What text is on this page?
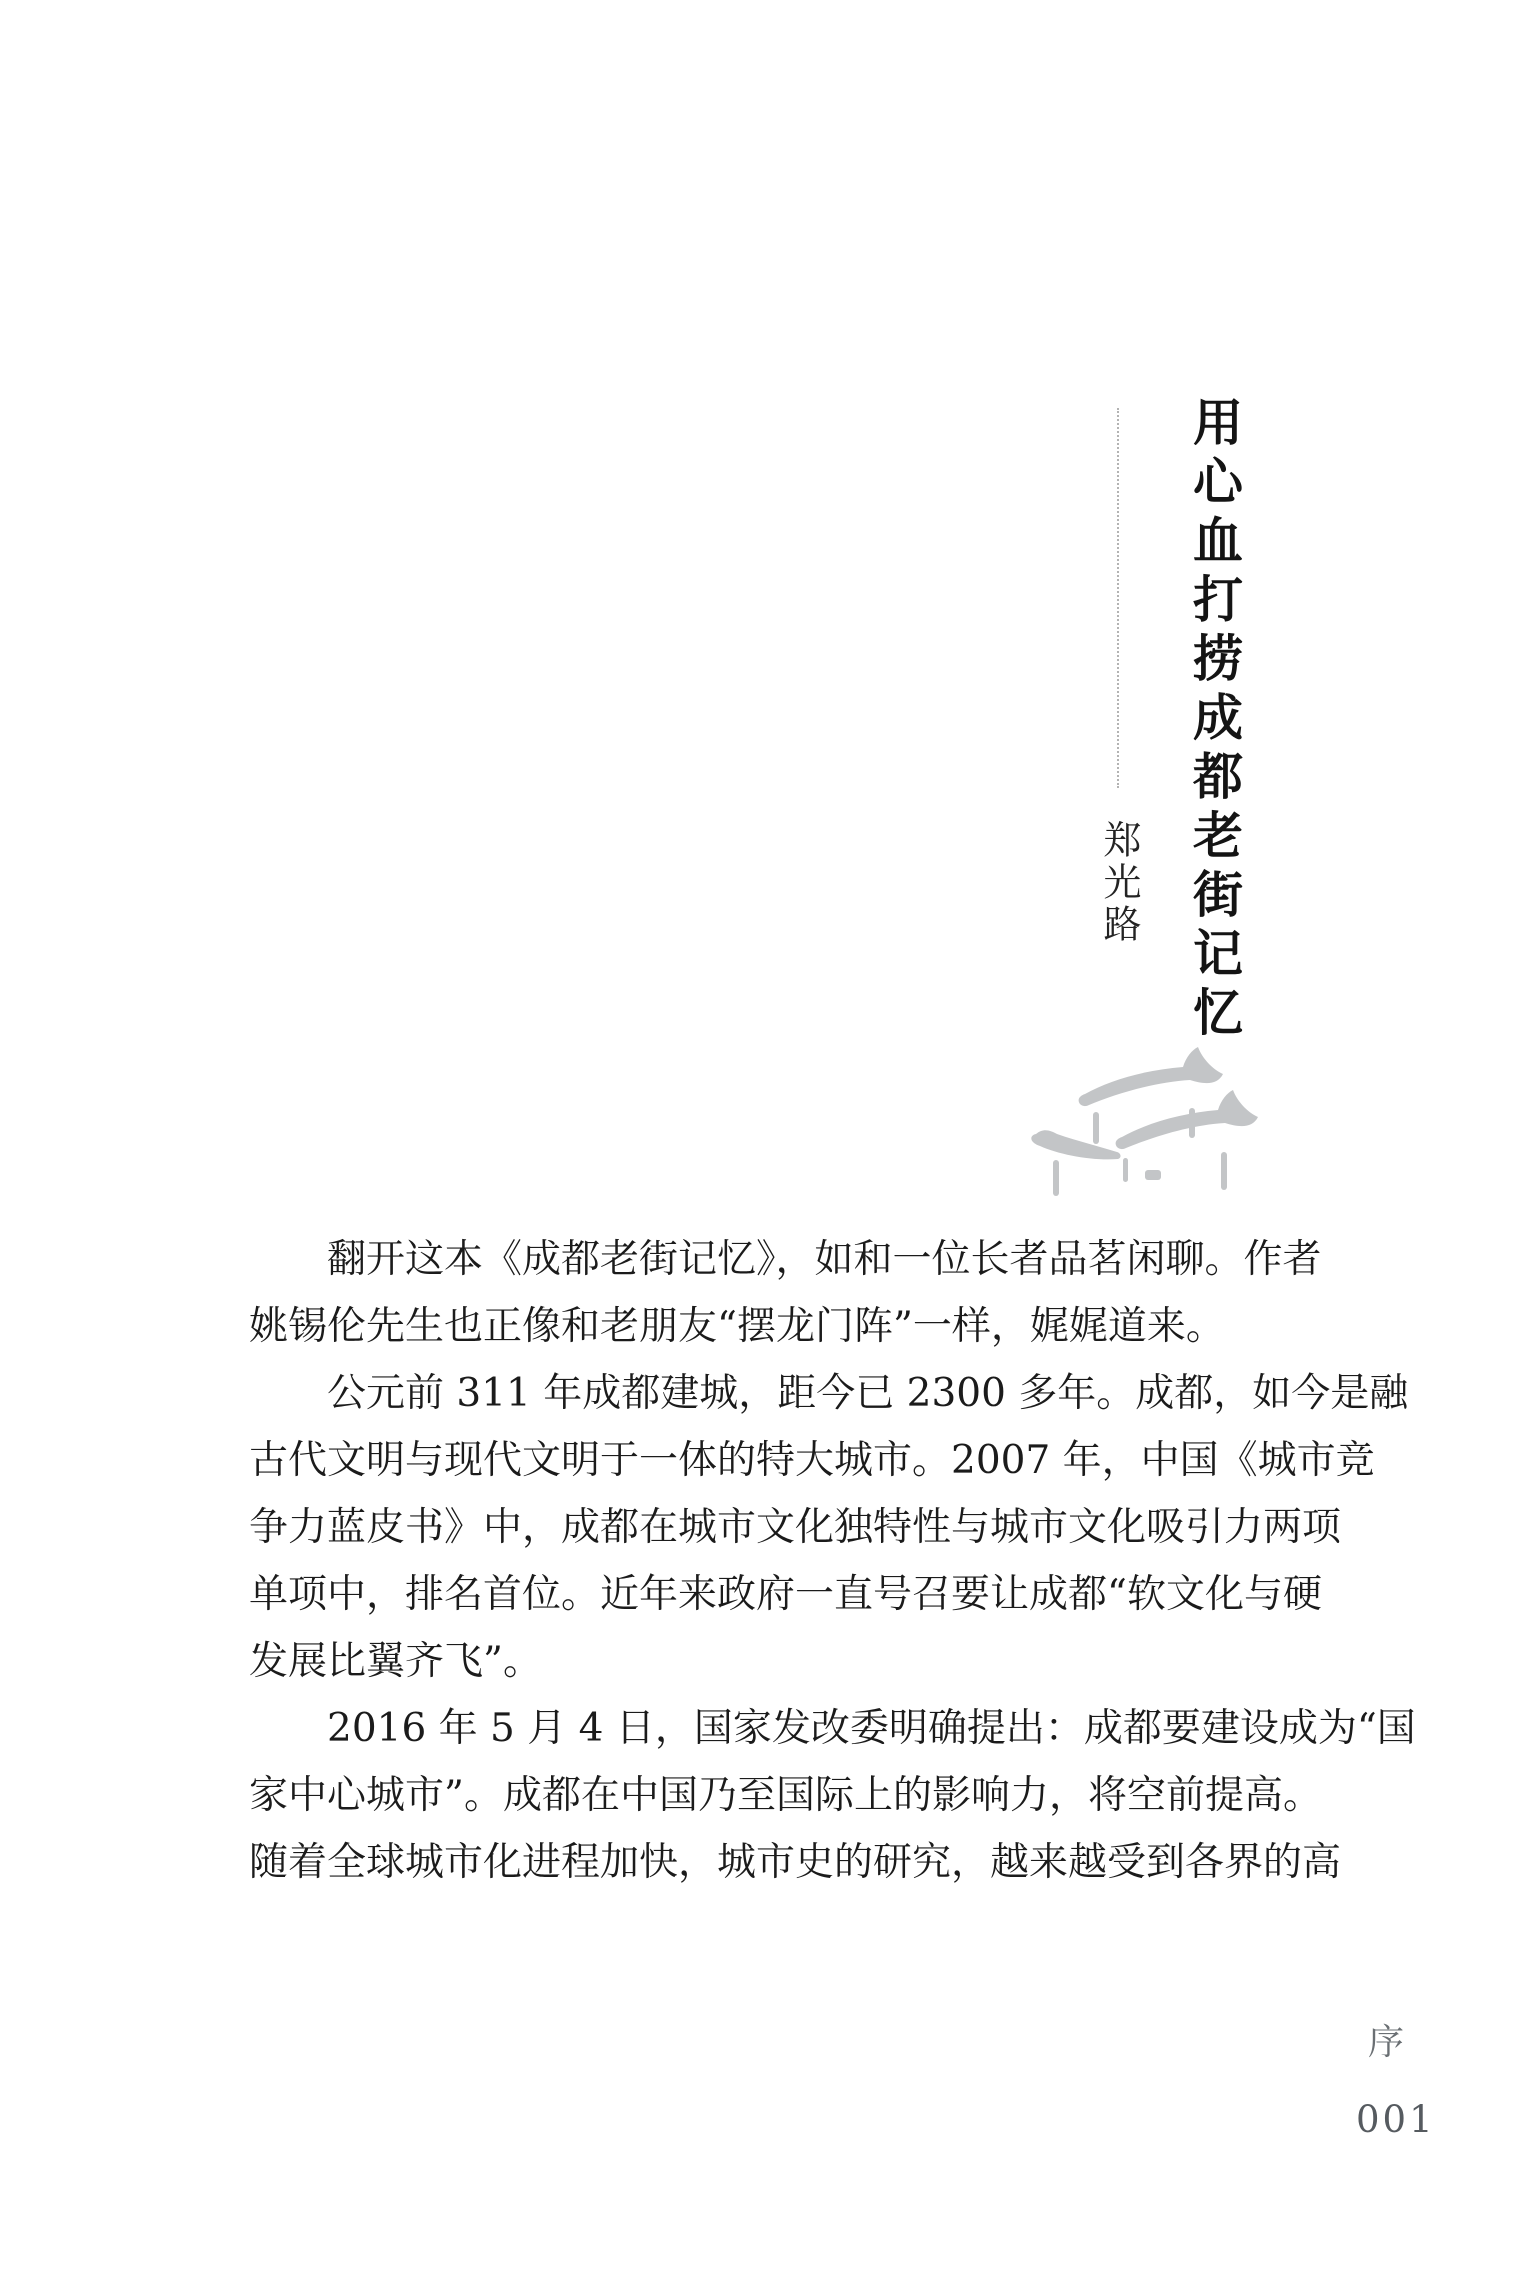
用心血打捞成都老街记忆
郑光路
翻开这本《成都老街记忆》，如和一位长者品茗闲聊。作者
姚锡伦先生也正像和老朋友“摆龙门阵”一样，娓娓道来。
公元前 311 年成都建城，距今已 2300 多年。成都，如今是融
古代文明与现代文明于一体的特大城市。2007 年，中国《城市竞
争力蓝皮书》中，成都在城市文化独特性与城市文化吸引力两项
单项中，排名首位。近年来政府一直号召要让成都“软文化与硬
发展比翼齐飞”。
2016 年 5 月 4 日，国家发改委明确提出：成都要建设成为“国
家中心城市”。成都在中国乃至国际上的影响力，将空前提高。
随着全球城市化进程加快，城市史的研究，越来越受到各界的高
序
001
